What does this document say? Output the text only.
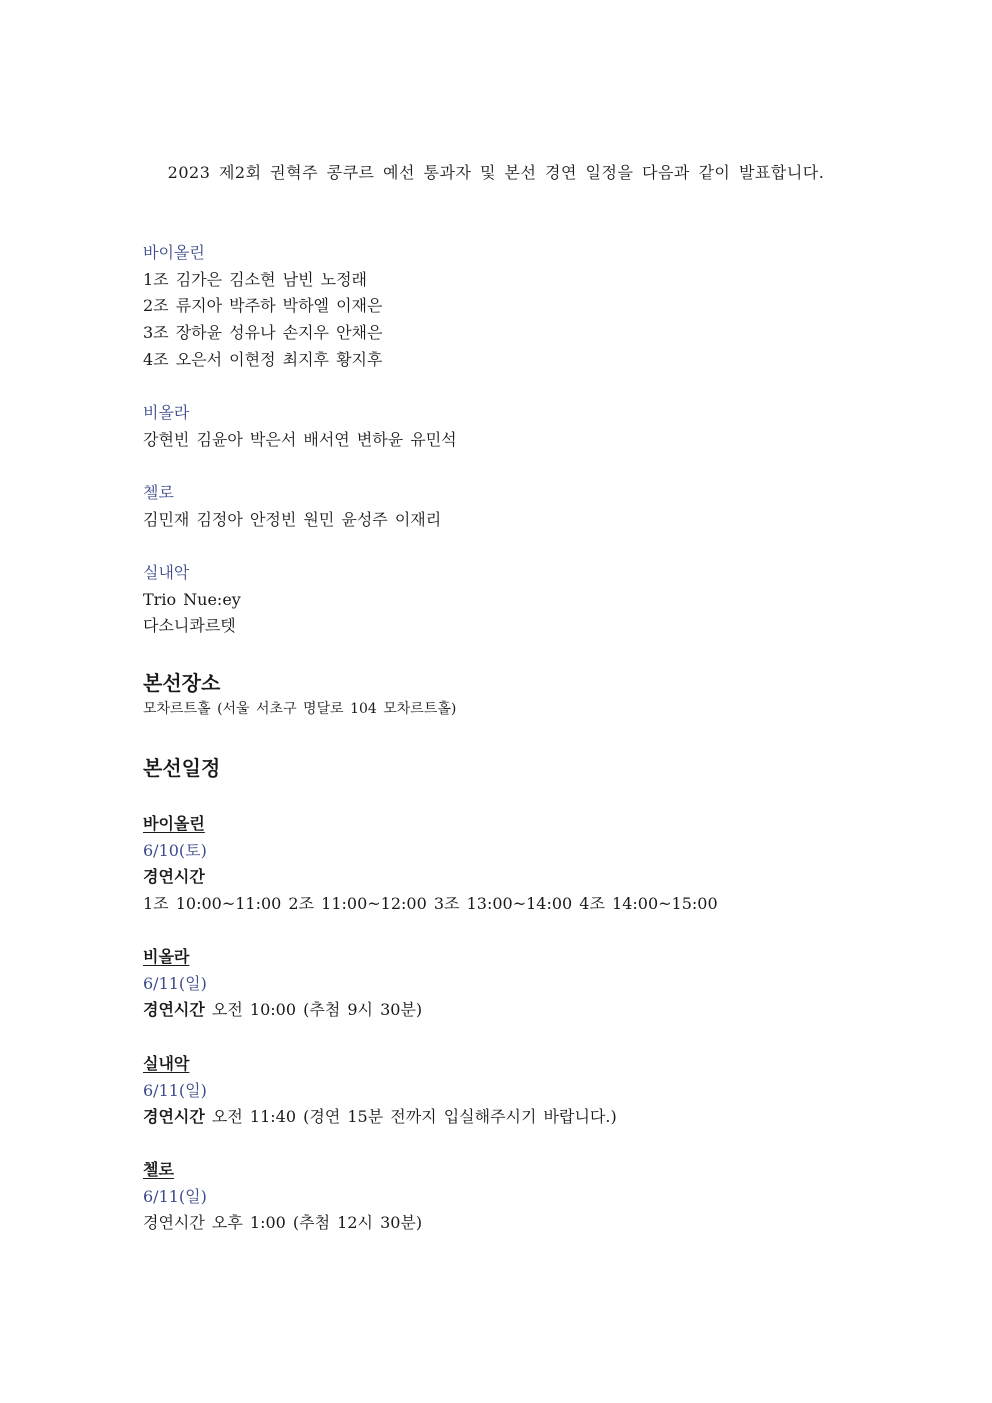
2023 제2회 권혁주 콩쿠르 예선 통과자 및 본선 경연 일정을 다음과 같이 발표합니다.
바이올린
1조 김가은 김소현 남빈 노정래
2조 류지아 박주하 박하엘 이재은
3조 장하윤 성유나 손지우 안채은
4조 오은서 이현정 최지후 황지후
비올라
강현빈 김윤아 박은서 배서연 변하윤 유민석
첼로
김민재 김정아 안정빈 원민 윤성주 이재리
실내악
Trio Nue:ey
다소니콰르텟
본선장소
모차르트홀 (서울 서초구 명달로 104 모차르트홀)
본선일정
바이올린
6/10(토)
경연시간
1조 10:00~11:00 2조 11:00~12:00 3조 13:00~14:00 4조 14:00~15:00
비올라
6/11(일)
경연시간 오전 10:00 (추첨 9시 30분)
실내악
6/11(일)
경연시간 오전 11:40 (경연 15분 전까지 입실해주시기 바랍니다.)
첼로
6/11(일)
경연시간 오후 1:00 (추첨 12시 30분)
